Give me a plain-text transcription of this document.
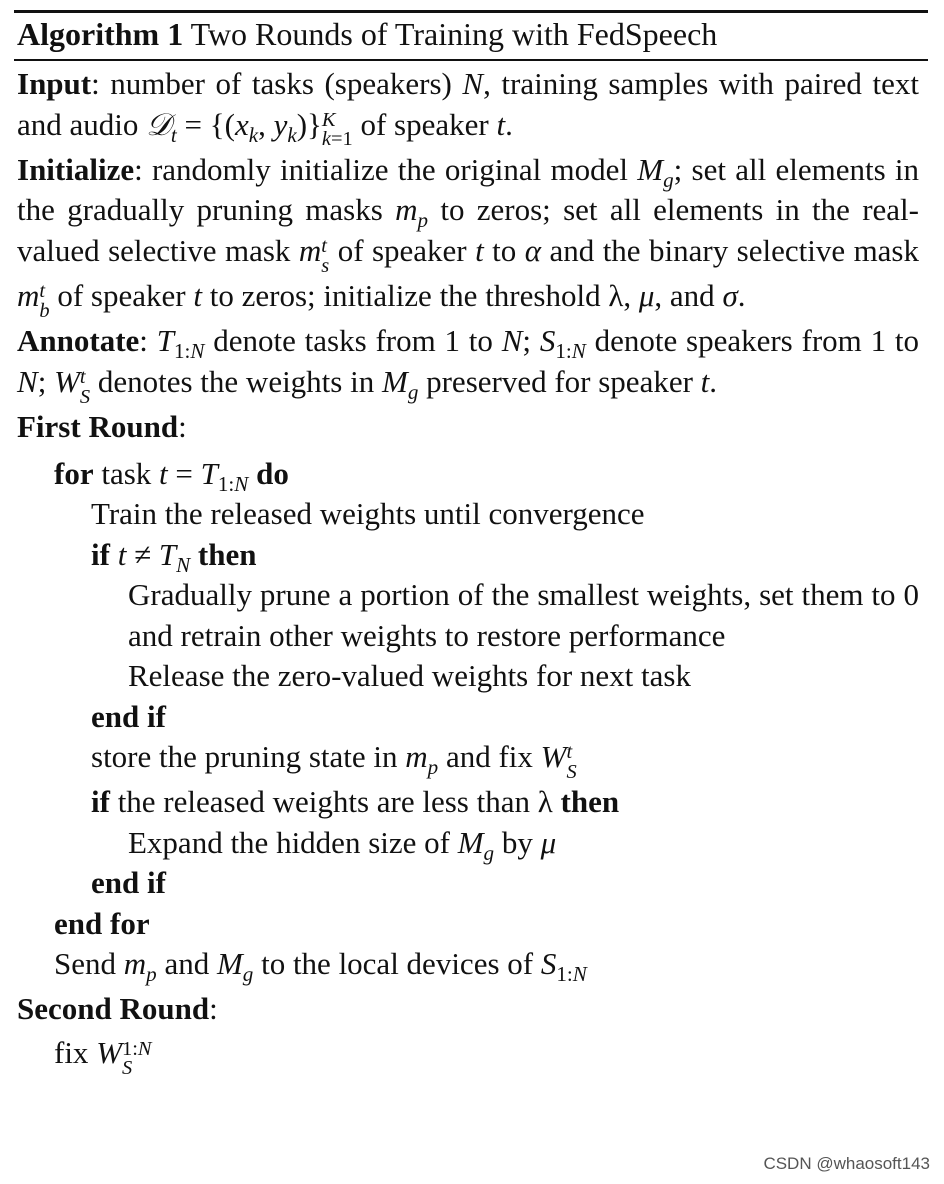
Algorithm 1 Two Rounds of Training with FedSpeech

Input: number of tasks (speakers) N, training samples with paired text and audio 𝒟$_t$ = {($x_k$, $y_k$)} K
k=1 of speaker t.

Initialize: randomly initialize the original model $M_g$; set all elements in the gradually pruning masks $m_p$ to zeros; set all elements in the real-valued selective mask m t
s of speaker t to α and the binary selective mask m t
b of speaker t to zeros; initialize the threshold λ, μ, and σ.

Annotate: $T_{1:N}$ denote tasks from 1 to N; $S_{1:N}$ denote speakers from 1 to N; W t
S denotes the weights in $M_g$ preserved for speaker t.

First Round:

for task $t = T_{1:N}$ do

Train the released weights until convergence

if $t \ne T_N$ then

Gradually prune a portion of the smallest weights, set them to 0 and retrain other weights to restore performance

Release the zero-valued weights for next task

end if

store the pruning state in $m_p$ and fix W t
S

if the released weights are less than λ then

Expand the hidden size of $M_g$ by μ

end if

end for

Send $m_p$ and $M_g$ to the local devices of $S_{1:N}$

Second Round:

fix W 1:N
S

CSDN @whaosoft143
